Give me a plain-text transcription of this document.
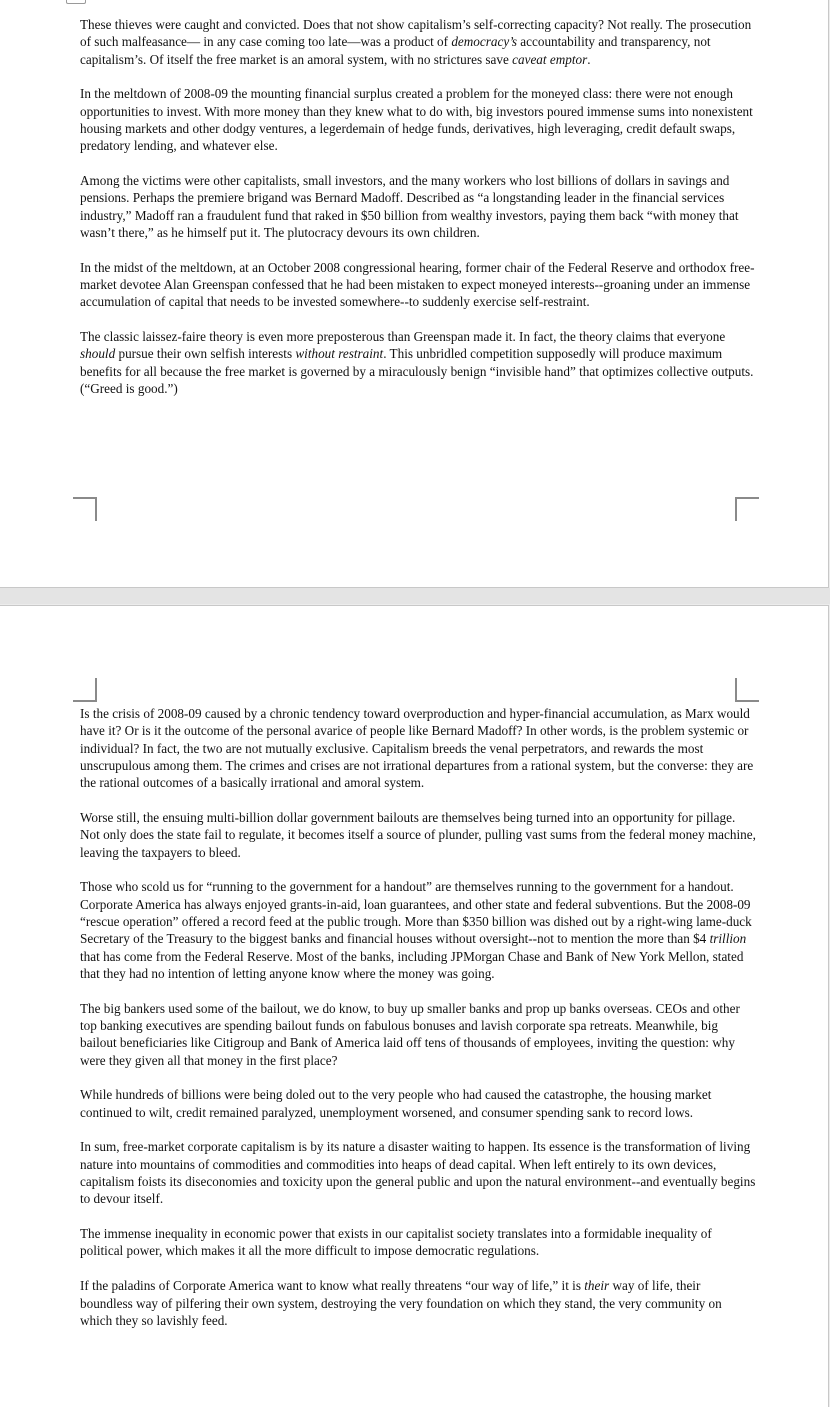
These thieves were caught and convicted. Does that not show capitalism’s self-correcting capacity? Not really. The prosecution of such malfeasance— in any case coming too late—was a product of democracy’s accountability and transparency, not capitalism’s. Of itself the free market is an amoral system, with no strictures save caveat emptor.

In the meltdown of 2008-09 the mounting financial surplus created a problem for the moneyed class: there were not enough opportunities to invest. With more money than they knew what to do with, big investors poured immense sums into nonexistent housing markets and other dodgy ventures, a legerdemain of hedge funds, derivatives, high leveraging, credit default swaps, predatory lending, and whatever else.

Among the victims were other capitalists, small investors, and the many workers who lost billions of dollars in savings and pensions. Perhaps the premiere brigand was Bernard Madoff. Described as “a longstanding leader in the financial services industry,” Madoff ran a fraudulent fund that raked in $50 billion from wealthy investors, paying them back “with money that wasn’t there,” as he himself put it. The plutocracy devours its own children.

In the midst of the meltdown, at an October 2008 congressional hearing, former chair of the Federal Reserve and orthodox free-market devotee Alan Greenspan confessed that he had been mistaken to expect moneyed interests--groaning under an immense accumulation of capital that needs to be invested somewhere--to suddenly exercise self-restraint.

The classic laissez-faire theory is even more preposterous than Greenspan made it. In fact, the theory claims that everyone should pursue their own selfish interests without restraint. This unbridled competition supposedly will produce maximum benefits for all because the free market is governed by a miraculously benign “invisible hand” that optimizes collective outputs. (“Greed is good.”)

Is the crisis of 2008-09 caused by a chronic tendency toward overproduction and hyper-financial accumulation, as Marx would have it? Or is it the outcome of the personal avarice of people like Bernard Madoff? In other words, is the problem systemic or individual? In fact, the two are not mutually exclusive. Capitalism breeds the venal perpetrators, and rewards the most unscrupulous among them. The crimes and crises are not irrational departures from a rational system, but the converse: they are the rational outcomes of a basically irrational and amoral system.

Worse still, the ensuing multi-billion dollar government bailouts are themselves being turned into an opportunity for pillage. Not only does the state fail to regulate, it becomes itself a source of plunder, pulling vast sums from the federal money machine, leaving the taxpayers to bleed.

Those who scold us for “running to the government for a handout” are themselves running to the government for a handout. Corporate America has always enjoyed grants-in-aid, loan guarantees, and other state and federal subventions. But the 2008-09 “rescue operation” offered a record feed at the public trough. More than $350 billion was dished out by a right-wing lame-duck Secretary of the Treasury to the biggest banks and financial houses without oversight--not to mention the more than $4 trillion that has come from the Federal Reserve. Most of the banks, including JPMorgan Chase and Bank of New York Mellon, stated that they had no intention of letting anyone know where the money was going.

The big bankers used some of the bailout, we do know, to buy up smaller banks and prop up banks overseas. CEOs and other top banking executives are spending bailout funds on fabulous bonuses and lavish corporate spa retreats. Meanwhile, big bailout beneficiaries like Citigroup and Bank of America laid off tens of thousands of employees, inviting the question: why were they given all that money in the first place?

While hundreds of billions were being doled out to the very people who had caused the catastrophe, the housing market continued to wilt, credit remained paralyzed, unemployment worsened, and consumer spending sank to record lows.

In sum, free-market corporate capitalism is by its nature a disaster waiting to happen. Its essence is the transformation of living nature into mountains of commodities and commodities into heaps of dead capital. When left entirely to its own devices, capitalism foists its diseconomies and toxicity upon the general public and upon the natural environment--and eventually begins to devour itself.

The immense inequality in economic power that exists in our capitalist society translates into a formidable inequality of political power, which makes it all the more difficult to impose democratic regulations.

If the paladins of Corporate America want to know what really threatens “our way of life,” it is their way of life, their boundless way of pilfering their own system, destroying the very foundation on which they stand, the very community on which they so lavishly feed.
